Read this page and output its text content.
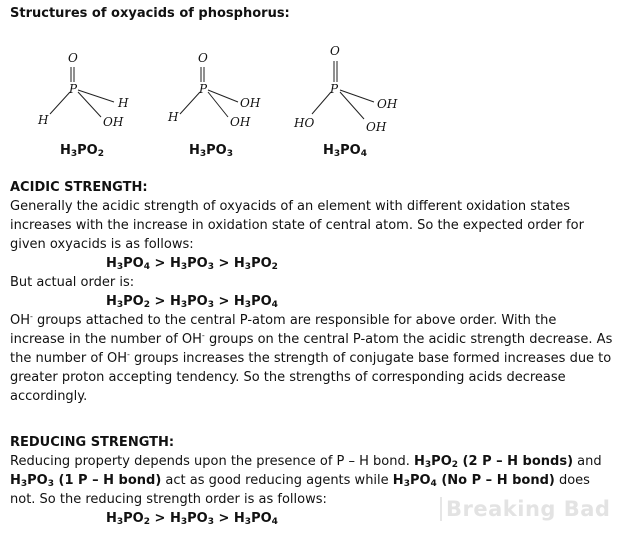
Structures of oxyacids of phosphorus:
O
P
H
OH
H
O
P
OH
OH
H
O
P
OH
OH
HO
$H_3PO_2$	$H_3PO_3$	$H_3PO_4$
ACIDIC STRENGTH:

Generally the acidic strength of oxyacids of an element with different oxidation states increases with the increase in oxidation state of central atom. So the expected order for given oxyacids is as follows:

$H_3PO_4 > H_3PO_3 > H_3PO_2$

But actual order is:

$H_3PO_2 > H_3PO_3 > H_3PO_4$

OH- groups attached to the central P-atom are responsible for above order. With the increase in the number of OH- groups on the central P-atom the acidic strength decrease. As the number of OH- groups increases the strength of conjugate base formed increases due to greater proton accepting tendency. So the strengths of corresponding acids decrease accordingly.

REDUCING STRENGTH:

Reducing property depends upon the presence of P – H bond. $H_3PO_2$ (2 P – H bonds) and $H_3PO_3$ (1 P – H bond) act as good reducing agents while $H_3PO_4$ (No P – H bond) does not. So the reducing strength order is as follows:

$H_3PO_2 > H_3PO_3 > H_3PO_4$

Breaking Bad
